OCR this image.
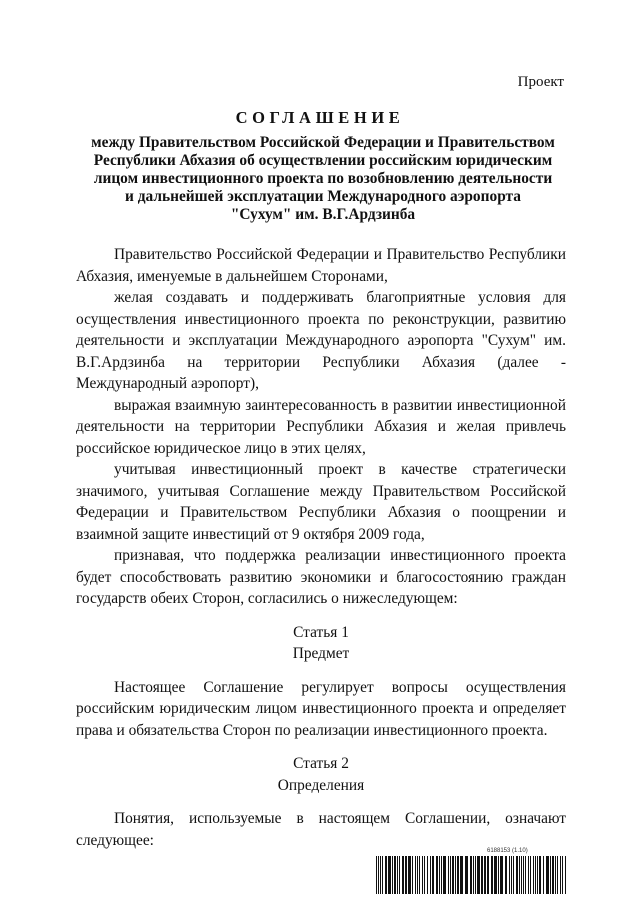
Проект
СОГЛАШЕНИЕ
между Правительством Российской Федерации и Правительством
Республики Абхазия об осуществлении российским юридическим
лицом инвестиционного проекта по возобновлению деятельности
и дальнейшей эксплуатации Международного аэропорта
"Сухум" им. В.Г.Ардзинба

Правительство Российской Федерации и Правительство Республики Абхазия, именуемые в дальнейшем Сторонами,

желая создавать и поддерживать благоприятные условия для осуществления инвестиционного проекта по реконструкции, развитию деятельности и эксплуатации Международного аэропорта "Сухум" им. В.Г.Ардзинба на территории Республики Абхазия (далее - Международный аэропорт),

выражая взаимную заинтересованность в развитии инвестиционной деятельности на территории Республики Абхазия и желая привлечь российское юридическое лицо в этих целях,

учитывая инвестиционный проект в качестве стратегически значимого, учитывая Соглашение между Правительством Российской Федерации и Правительством Республики Абхазия о поощрении и взаимной защите инвестиций от 9 октября 2009 года,

признавая, что поддержка реализации инвестиционного проекта будет способствовать развитию экономики и благосостоянию граждан государств обеих Сторон, согласились о нижеследующем:

Статья 1

Предмет

Настоящее Соглашение регулирует вопросы осуществления российским юридическим лицом инвестиционного проекта и определяет права и обязательства Сторон по реализации инвестиционного проекта.

Статья 2

Определения

Понятия, используемые в настоящем Соглашении, означают следующее:

6188153 (1.10)
